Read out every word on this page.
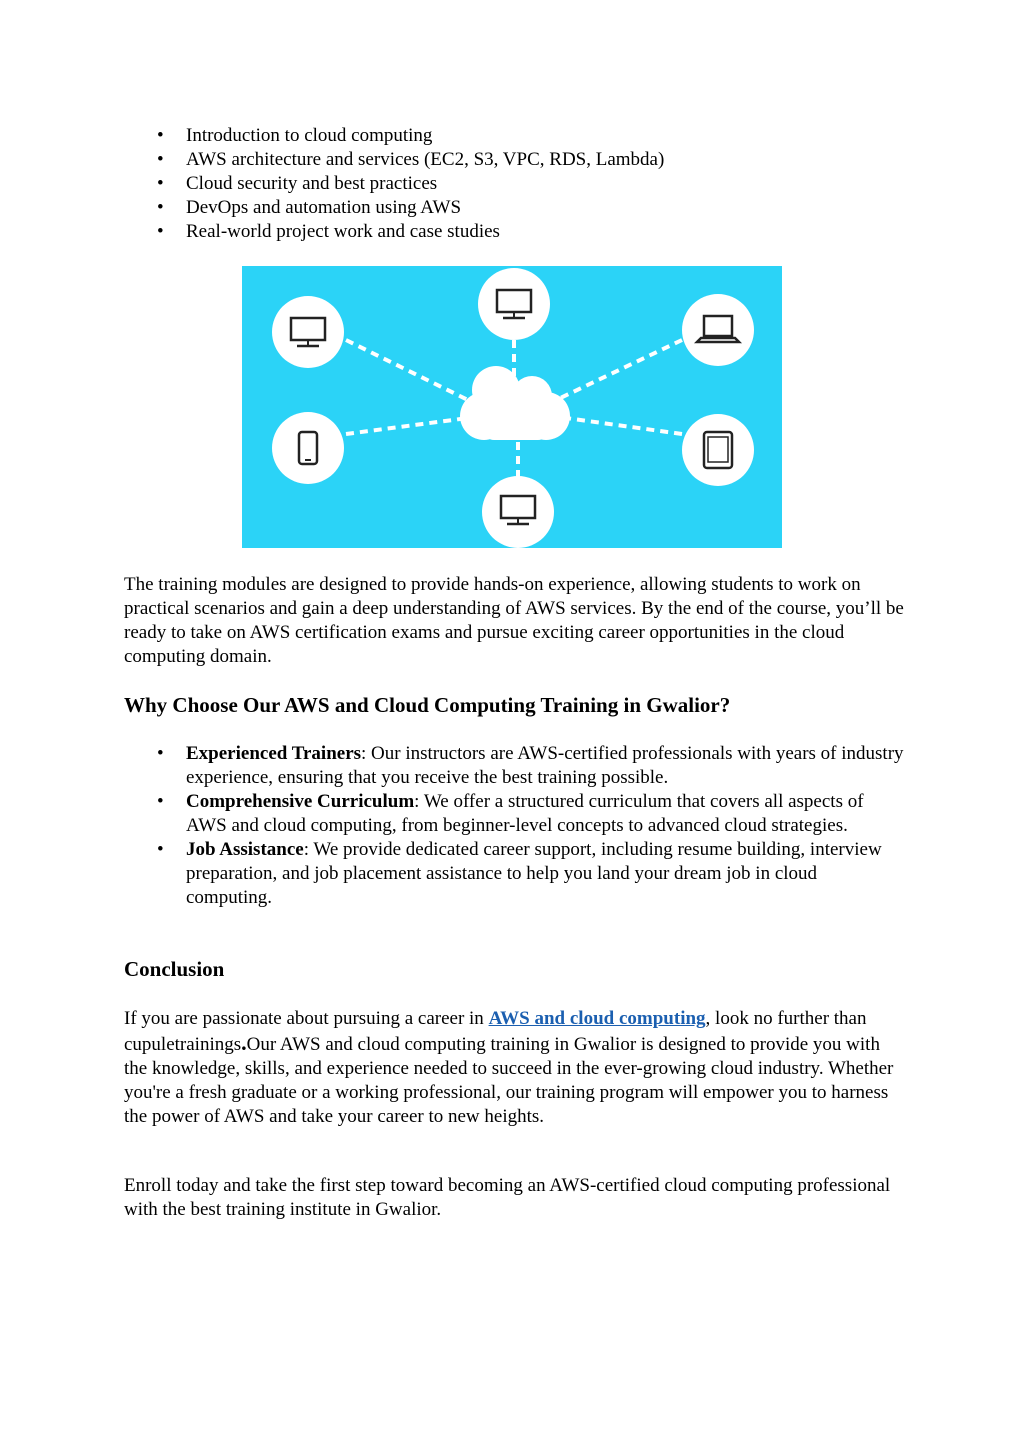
• Introduction to cloud computing
• AWS architecture and services (EC2, S3, VPC, RDS, Lambda)
• Cloud security and best practices
• DevOps and automation using AWS
• Real-world project work and case studies

The training modules are designed to provide hands-on experience, allowing students to work on practical scenarios and gain a deep understanding of AWS services. By the end of the course, you’ll be ready to take on AWS certification exams and pursue exciting career opportunities in the cloud computing domain.

Why Choose Our AWS and Cloud Computing Training in Gwalior?
• Experienced Trainers: Our instructors are AWS-certified professionals with years of industry experience, ensuring that you receive the best training possible.
• Comprehensive Curriculum: We offer a structured curriculum that covers all aspects of AWS and cloud computing, from beginner-level concepts to advanced cloud strategies.
• Job Assistance: We provide dedicated career support, including resume building, interview preparation, and job placement assistance to help you land your dream job in cloud computing.
Conclusion

If you are passionate about pursuing a career in AWS and cloud computing, look no further than cupuletrainings.Our AWS and cloud computing training in Gwalior is designed to provide you with the knowledge, skills, and experience needed to succeed in the ever-growing cloud industry. Whether you're a fresh graduate or a working professional, our training program will empower you to harness the power of AWS and take your career to new heights.

Enroll today and take the first step toward becoming an AWS-certified cloud computing professional with the best training institute in Gwalior.
